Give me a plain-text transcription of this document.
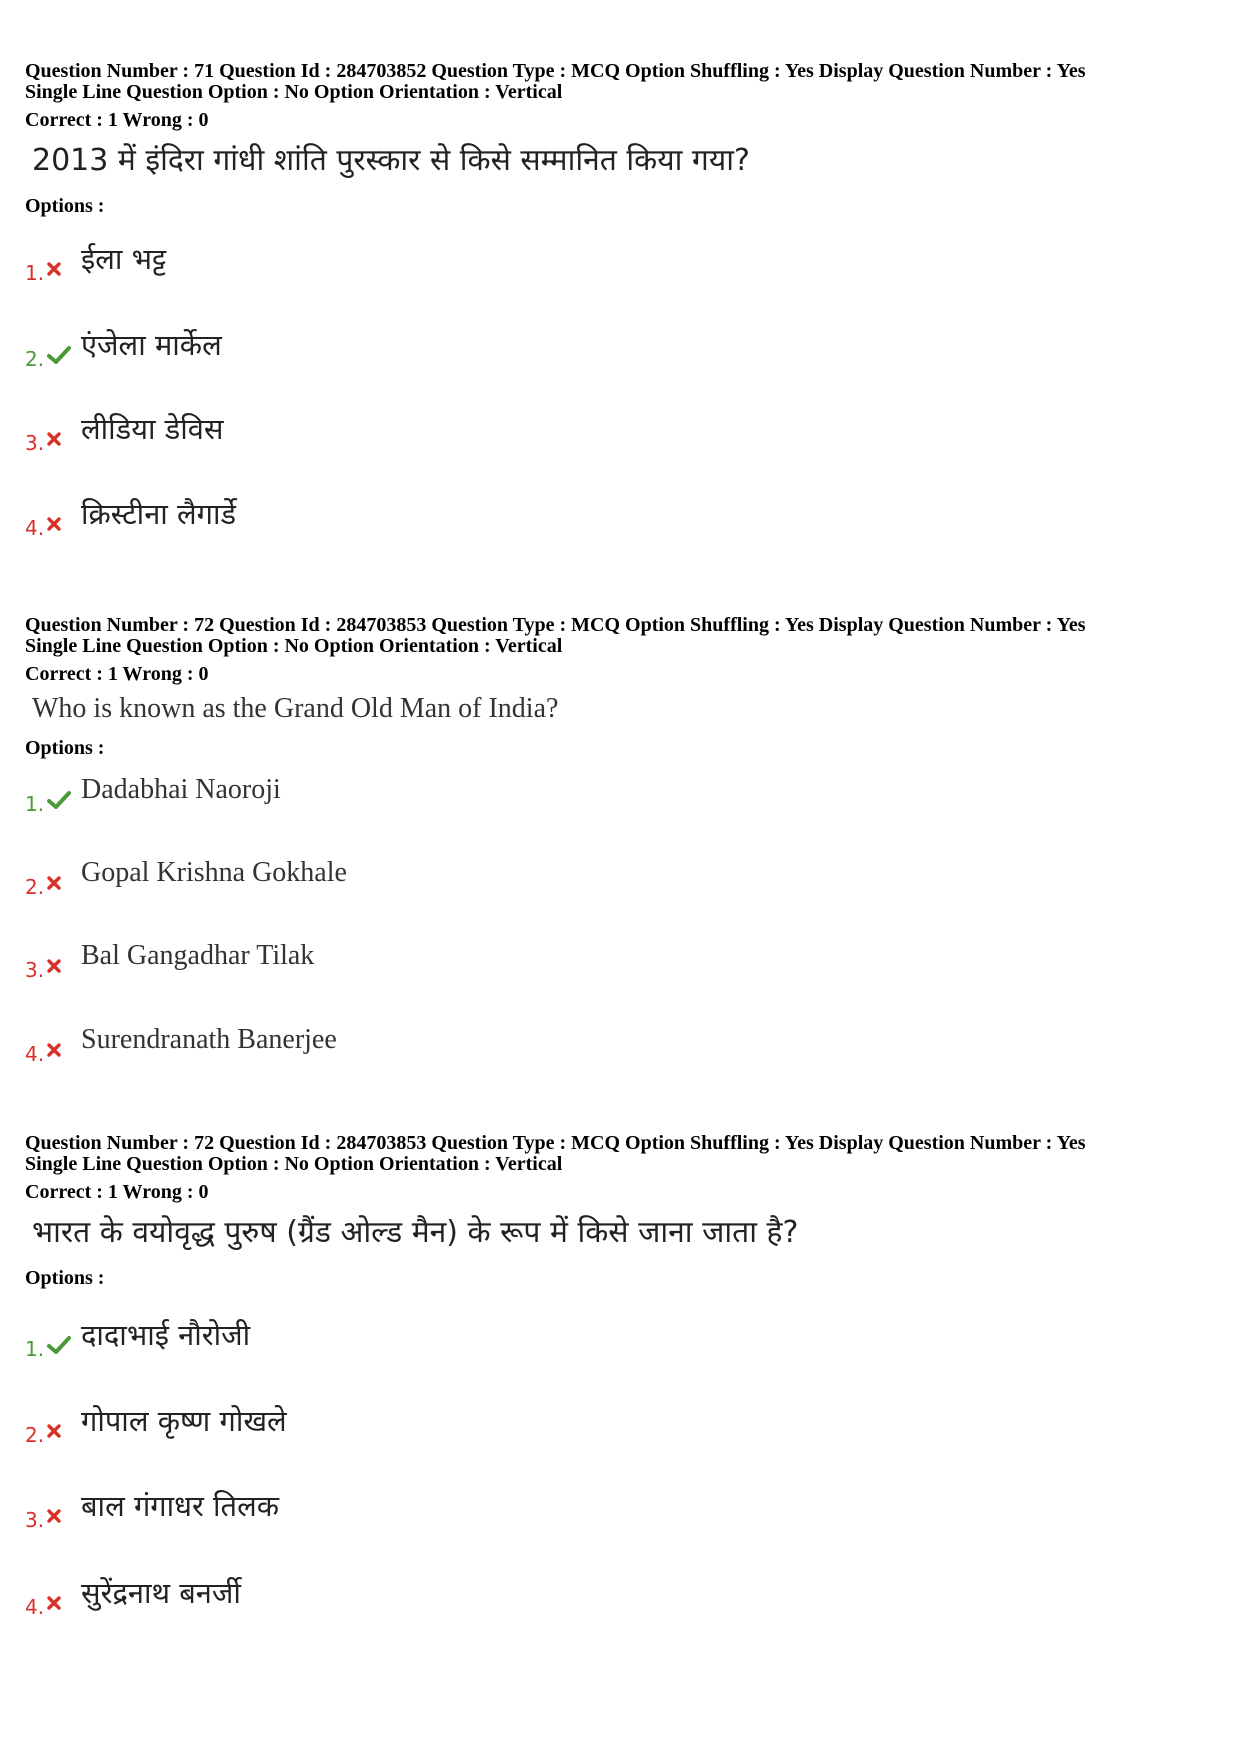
Question Number : 71 Question Id : 284703852 Question Type : MCQ Option Shuffling : Yes Display Question Number : Yes
Single Line Question Option : No Option Orientation : Vertical
Correct : 1 Wrong : 0
2013 में इंदिरा गांधी शांति पुरस्कार से किसे सम्मानित किया गया?
Options :
1. ईला भट्ट
2. एंजेला मार्केल
3. लीडिया डेविस
4. क्रिस्टीना लैगार्डे
Question Number : 72 Question Id : 284703853 Question Type : MCQ Option Shuffling : Yes Display Question Number : Yes
Single Line Question Option : No Option Orientation : Vertical
Correct : 1 Wrong : 0
Who is known as the Grand Old Man of India?
Options :
1. Dadabhai Naoroji
2. Gopal Krishna Gokhale
3. Bal Gangadhar Tilak
4. Surendranath Banerjee
Question Number : 72 Question Id : 284703853 Question Type : MCQ Option Shuffling : Yes Display Question Number : Yes
Single Line Question Option : No Option Orientation : Vertical
Correct : 1 Wrong : 0
भारत के वयोवृद्ध पुरुष (ग्रैंड ओल्ड मैन) के रूप में किसे जाना जाता है?
Options :
1. दादाभाई नौरोजी
2. गोपाल कृष्ण गोखले
3. बाल गंगाधर तिलक
4. सुरेंद्रनाथ बनर्जी
